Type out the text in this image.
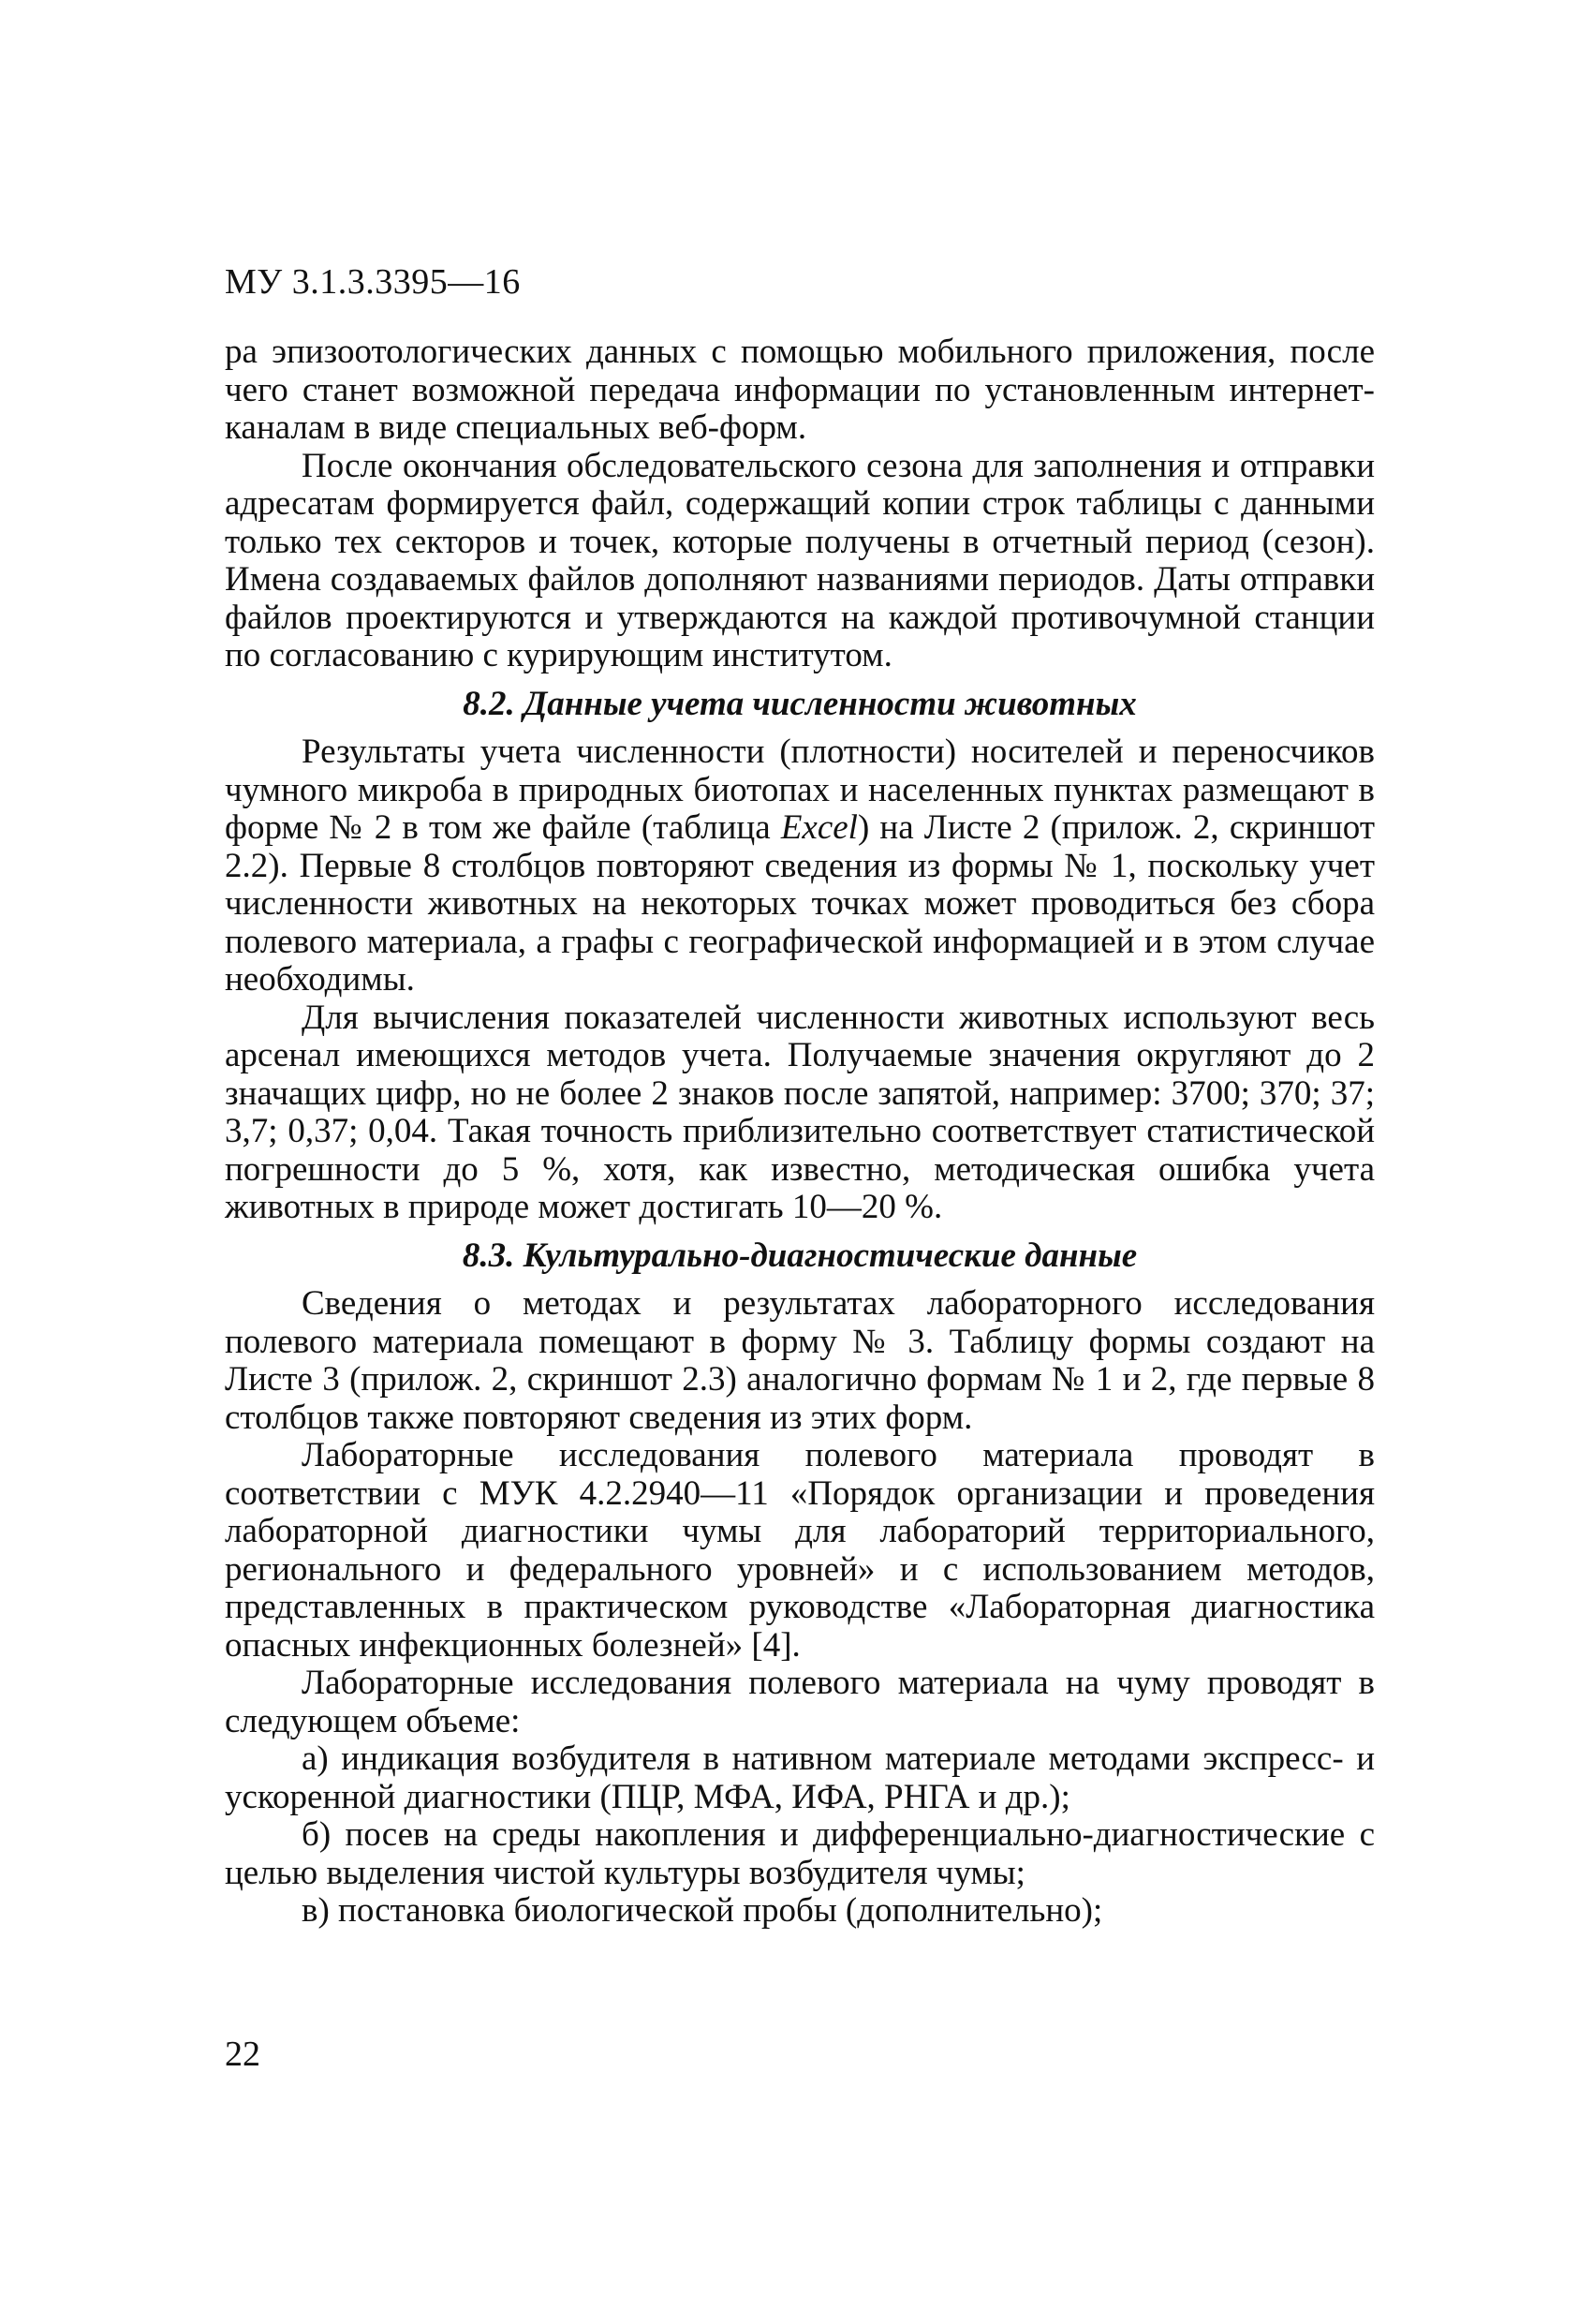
МУ 3.1.3.3395—16

ра эпизоотологических данных с помощью мобильного приложения, после чего станет возможной передача информации по установленным интернет-каналам в виде специальных веб-форм.

После окончания обследовательского сезона для заполнения и отправки адресатам формируется файл, содержащий копии строк таблицы с данными только тех секторов и точек, которые получены в отчетный период (сезон). Имена создаваемых файлов дополняют названиями периодов. Даты отправки файлов проектируются и утверждаются на каждой противочумной станции по согласованию с курирующим институтом.

8.2. Данные учета численности животных

Результаты учета численности (плотности) носителей и переносчиков чумного микроба в природных биотопах и населенных пунктах размещают в форме № 2 в том же файле (таблица Excel) на Листе 2 (прилож. 2, скриншот 2.2). Первые 8 столбцов повторяют сведения из формы № 1, поскольку учет численности животных на некоторых точках может проводиться без сбора полевого материала, а графы с географической информацией и в этом случае необходимы.

Для вычисления показателей численности животных используют весь арсенал имеющихся методов учета. Получаемые значения округляют до 2 значащих цифр, но не более 2 знаков после запятой, например: 3700; 370; 37; 3,7; 0,37; 0,04. Такая точность приблизительно соответствует статистической погрешности до 5 %, хотя, как известно, методическая ошибка учета животных в природе может достигать 10—20 %.

8.3. Культурально-диагностические данные

Сведения о методах и результатах лабораторного исследования полевого материала помещают в форму № 3. Таблицу формы создают на Листе 3 (прилож. 2, скриншот 2.3) аналогично формам № 1 и 2, где первые 8 столбцов также повторяют сведения из этих форм.

Лабораторные исследования полевого материала проводят в соответствии с МУК 4.2.2940—11 «Порядок организации и проведения лабораторной диагностики чумы для лабораторий территориального, регионального и федерального уровней» и с использованием методов, представленных в практическом руководстве «Лабораторная диагностика опасных инфекционных болезней» [4].

Лабораторные исследования полевого материала на чуму проводят в следующем объеме:

а) индикация возбудителя в нативном материале методами экспресс- и ускоренной диагностики (ПЦР, МФА, ИФА, РНГА и др.);

б) посев на среды накопления и дифференциально-диагностические с целью выделения чистой культуры возбудителя чумы;

в) постановка биологической пробы (дополнительно);

22
